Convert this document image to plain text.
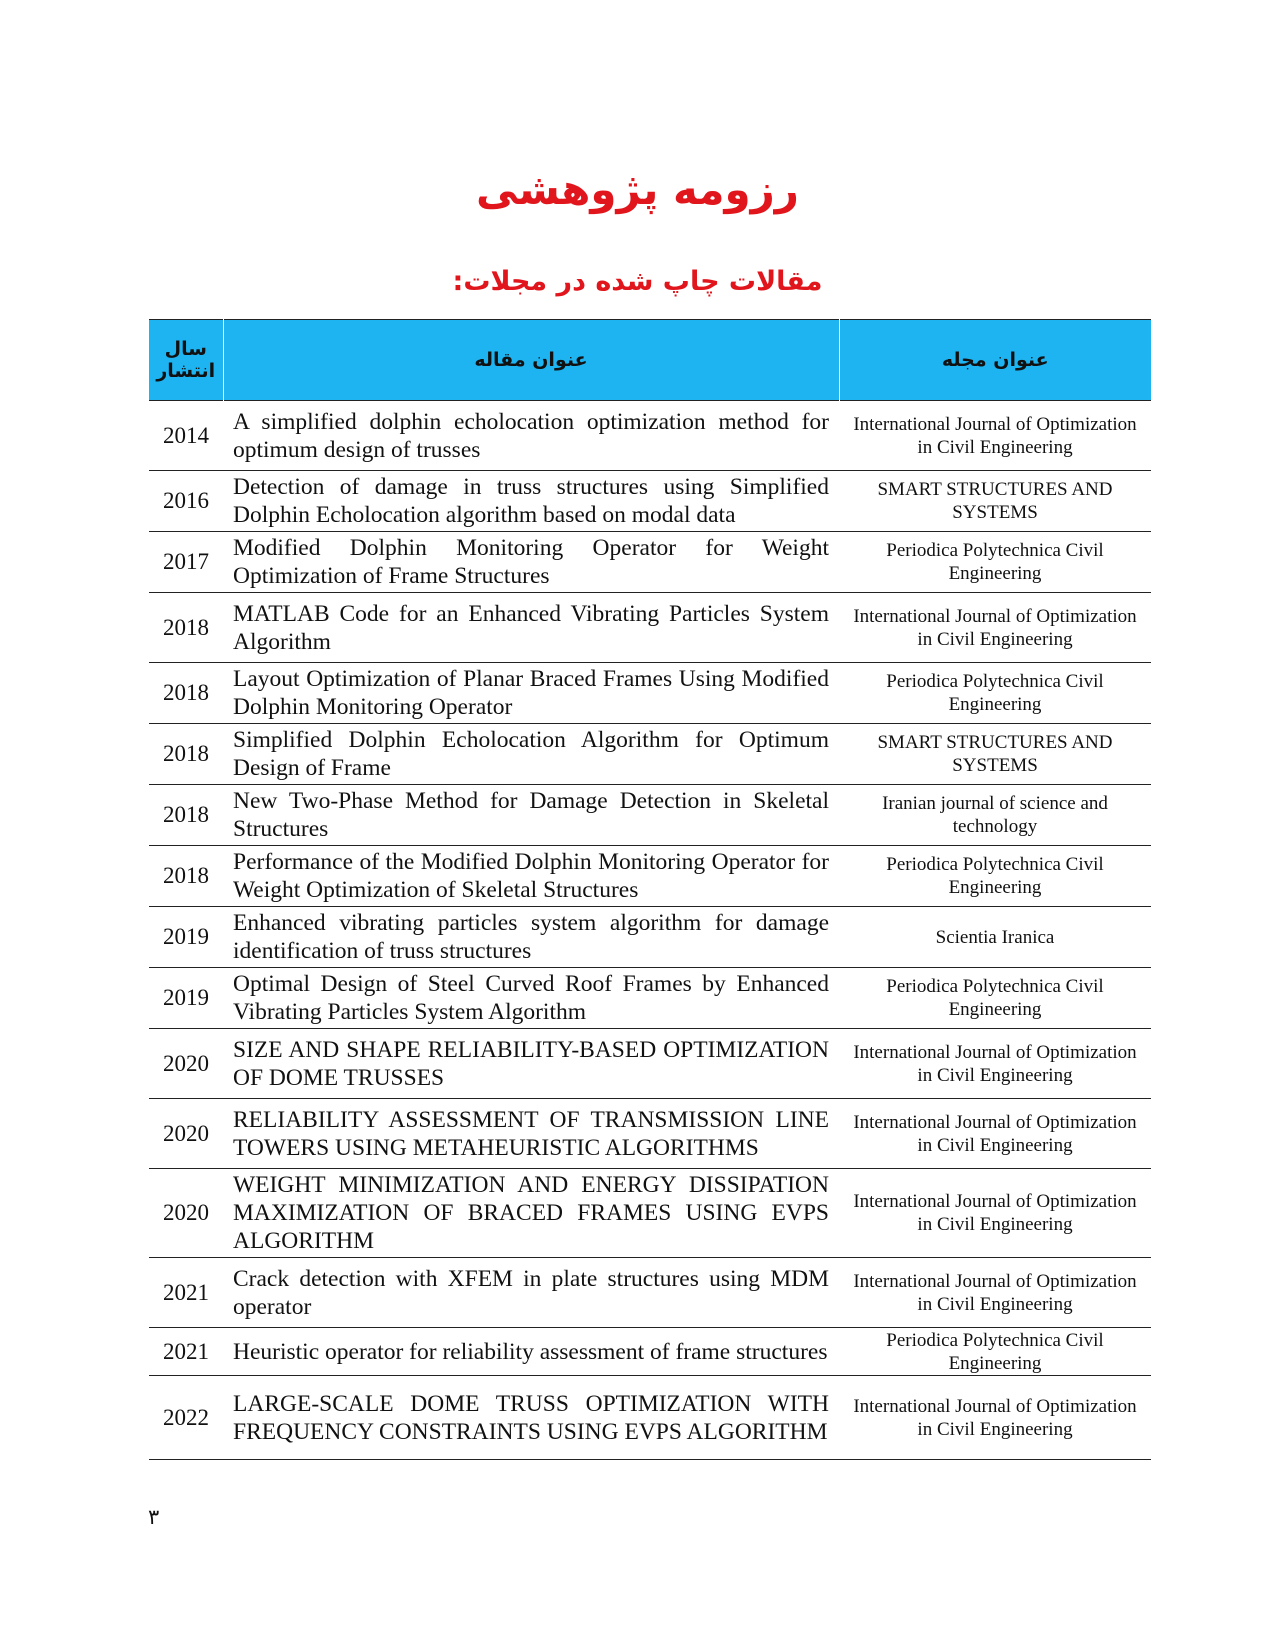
رزومه پژوهشی
مقالات چاپ شده در مجلات:
سال انتشار	عنوان مقاله	عنوان مجله
2014	A simplified dolphin echolocation optimization method for optimum design of trusses	International Journal of Optimization in Civil Engineering
2016	Detection of damage in truss structures using Simplified Dolphin Echolocation algorithm based on modal data	SMART STRUCTURES AND SYSTEMS
2017	Modified Dolphin Monitoring Operator for Weight Optimization of Frame Structures	Periodica Polytechnica Civil Engineering
2018	MATLAB Code for an Enhanced Vibrating Particles System Algorithm	International Journal of Optimization in Civil Engineering
2018	Layout Optimization of Planar Braced Frames Using Modified Dolphin Monitoring Operator	Periodica Polytechnica Civil Engineering
2018	Simplified Dolphin Echolocation Algorithm for Optimum Design of Frame	SMART STRUCTURES AND SYSTEMS
2018	New Two-Phase Method for Damage Detection in Skeletal Structures	Iranian journal of science and technology
2018	Performance of the Modified Dolphin Monitoring Operator for Weight Optimization of Skeletal Structures	Periodica Polytechnica Civil Engineering
2019	Enhanced vibrating particles system algorithm for damage identification of truss structures	Scientia Iranica
2019	Optimal Design of Steel Curved Roof Frames by Enhanced Vibrating Particles System Algorithm	Periodica Polytechnica Civil Engineering
2020	SIZE AND SHAPE RELIABILITY-BASED OPTIMIZATION OF DOME TRUSSES	International Journal of Optimization in Civil Engineering
2020	RELIABILITY ASSESSMENT OF TRANSMISSION LINE TOWERS USING METAHEURISTIC ALGORITHMS	International Journal of Optimization in Civil Engineering
2020	WEIGHT MINIMIZATION AND ENERGY DISSIPATION MAXIMIZATION OF BRACED FRAMES USING EVPS ALGORITHM	International Journal of Optimization in Civil Engineering
2021	Crack detection with XFEM in plate structures using MDM operator	International Journal of Optimization in Civil Engineering
2021	Heuristic operator for reliability assessment of frame structures	Periodica Polytechnica Civil Engineering
2022	LARGE-SCALE DOME TRUSS OPTIMIZATION WITH FREQUENCY CONSTRAINTS USING EVPS ALGORITHM	International Journal of Optimization in Civil Engineering
۳
